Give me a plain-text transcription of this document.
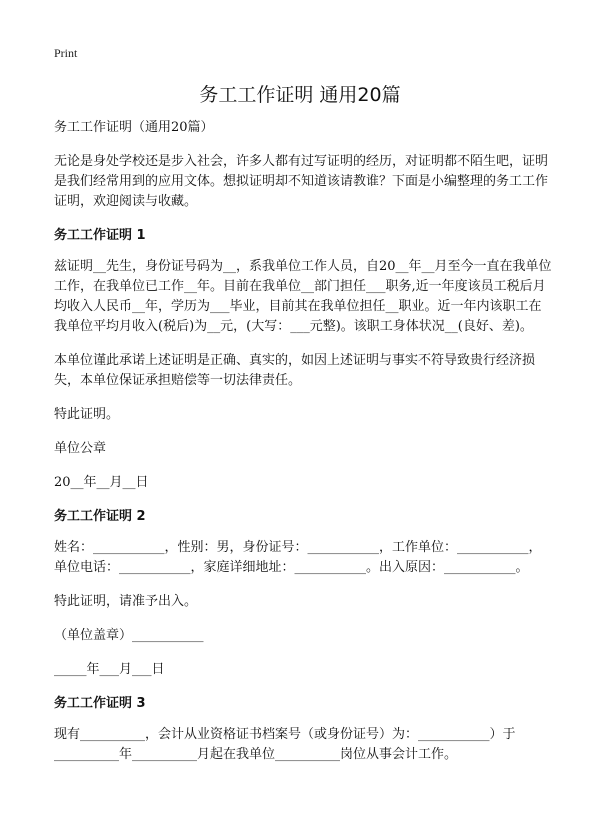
Print
务工工作证明 通用20篇

务工工作证明（通用20篇）

无论是身处学校还是步入社会，许多人都有过写证明的经历，对证明都不陌生吧，证明是我们经常用到的应用文体。想拟证明却不知道该请教谁？下面是小编整理的务工工作证明，欢迎阅读与收藏。

务工工作证明 1

兹证明__先生，身份证号码为__，系我单位工作人员，自20__年__月至今一直在我单位工作，在我单位已工作__年。目前在我单位__部门担任___职务,近一年度该员工税后月均收入人民币__年，学历为___毕业，目前其在我单位担任__职业。近一年内该职工在我单位平均月收入(税后)为__元，(大写：___元整)。该职工身体状况__(良好、差)。

本单位谨此承诺上述证明是正确、真实的，如因上述证明与事实不符导致贵行经济损失，本单位保证承担赔偿等一切法律责任。

特此证明。

单位公章

20__年__月__日

务工工作证明 2

姓名：___________，性别：男，身份证号：___________，工作单位：___________，单位电话：___________，家庭详细地址：___________。出入原因：___________。

特此证明，请准予出入。

（单位盖章）___________

_____年___月___日

务工工作证明 3

现有__________，会计从业资格证书档案号（或身份证号）为：___________）于__________年__________月起在我单位__________岗位从事会计工作。
